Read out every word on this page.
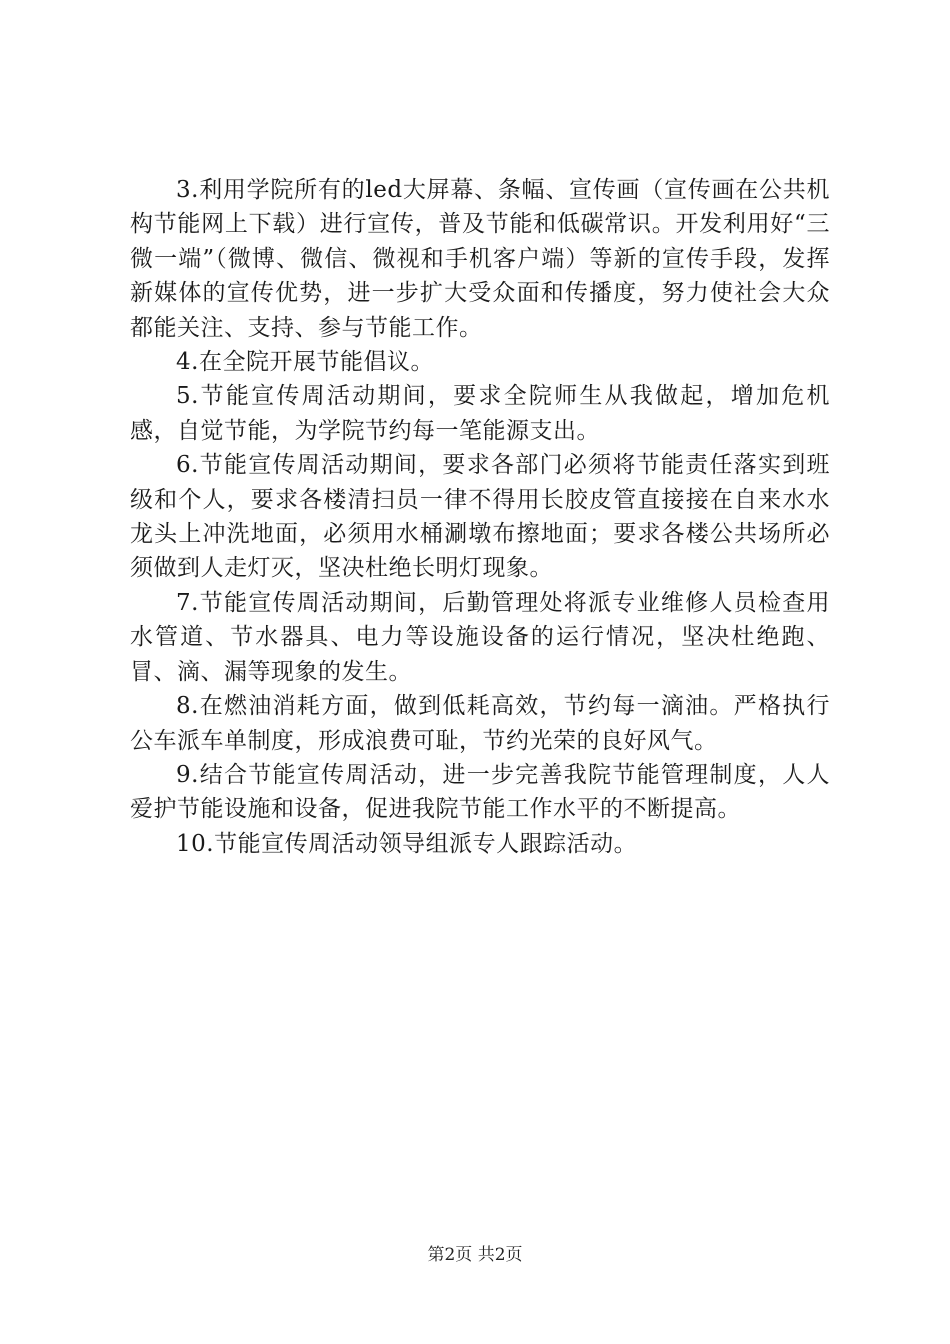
3.利用学院所有的led大屏幕、条幅、宣传画（宣传画在公共机构节能网上下载）进行宣传，普及节能和低碳常识。开发利用好“三微一端”（微博、微信、微视和手机客户端）等新的宣传手段，发挥新媒体的宣传优势，进一步扩大受众面和传播度，努力使社会大众都能关注、支持、参与节能工作。

4.在全院开展节能倡议。

5.节能宣传周活动期间，要求全院师生从我做起，增加危机感，自觉节能，为学院节约每一笔能源支出。

6.节能宣传周活动期间，要求各部门必须将节能责任落实到班级和个人，要求各楼清扫员一律不得用长胶皮管直接接在自来水水龙头上冲洗地面，必须用水桶涮墩布擦地面；要求各楼公共场所必须做到人走灯灭，坚决杜绝长明灯现象。

7.节能宣传周活动期间，后勤管理处将派专业维修人员检查用水管道、节水器具、电力等设施设备的运行情况，坚决杜绝跑、冒、滴、漏等现象的发生。

8.在燃油消耗方面，做到低耗高效，节约每一滴油。严格执行公车派车单制度，形成浪费可耻，节约光荣的良好风气。

9.结合节能宣传周活动，进一步完善我院节能管理制度，人人爱护节能设施和设备，促进我院节能工作水平的不断提高。

10.节能宣传周活动领导组派专人跟踪活动。

第2页 共2页
